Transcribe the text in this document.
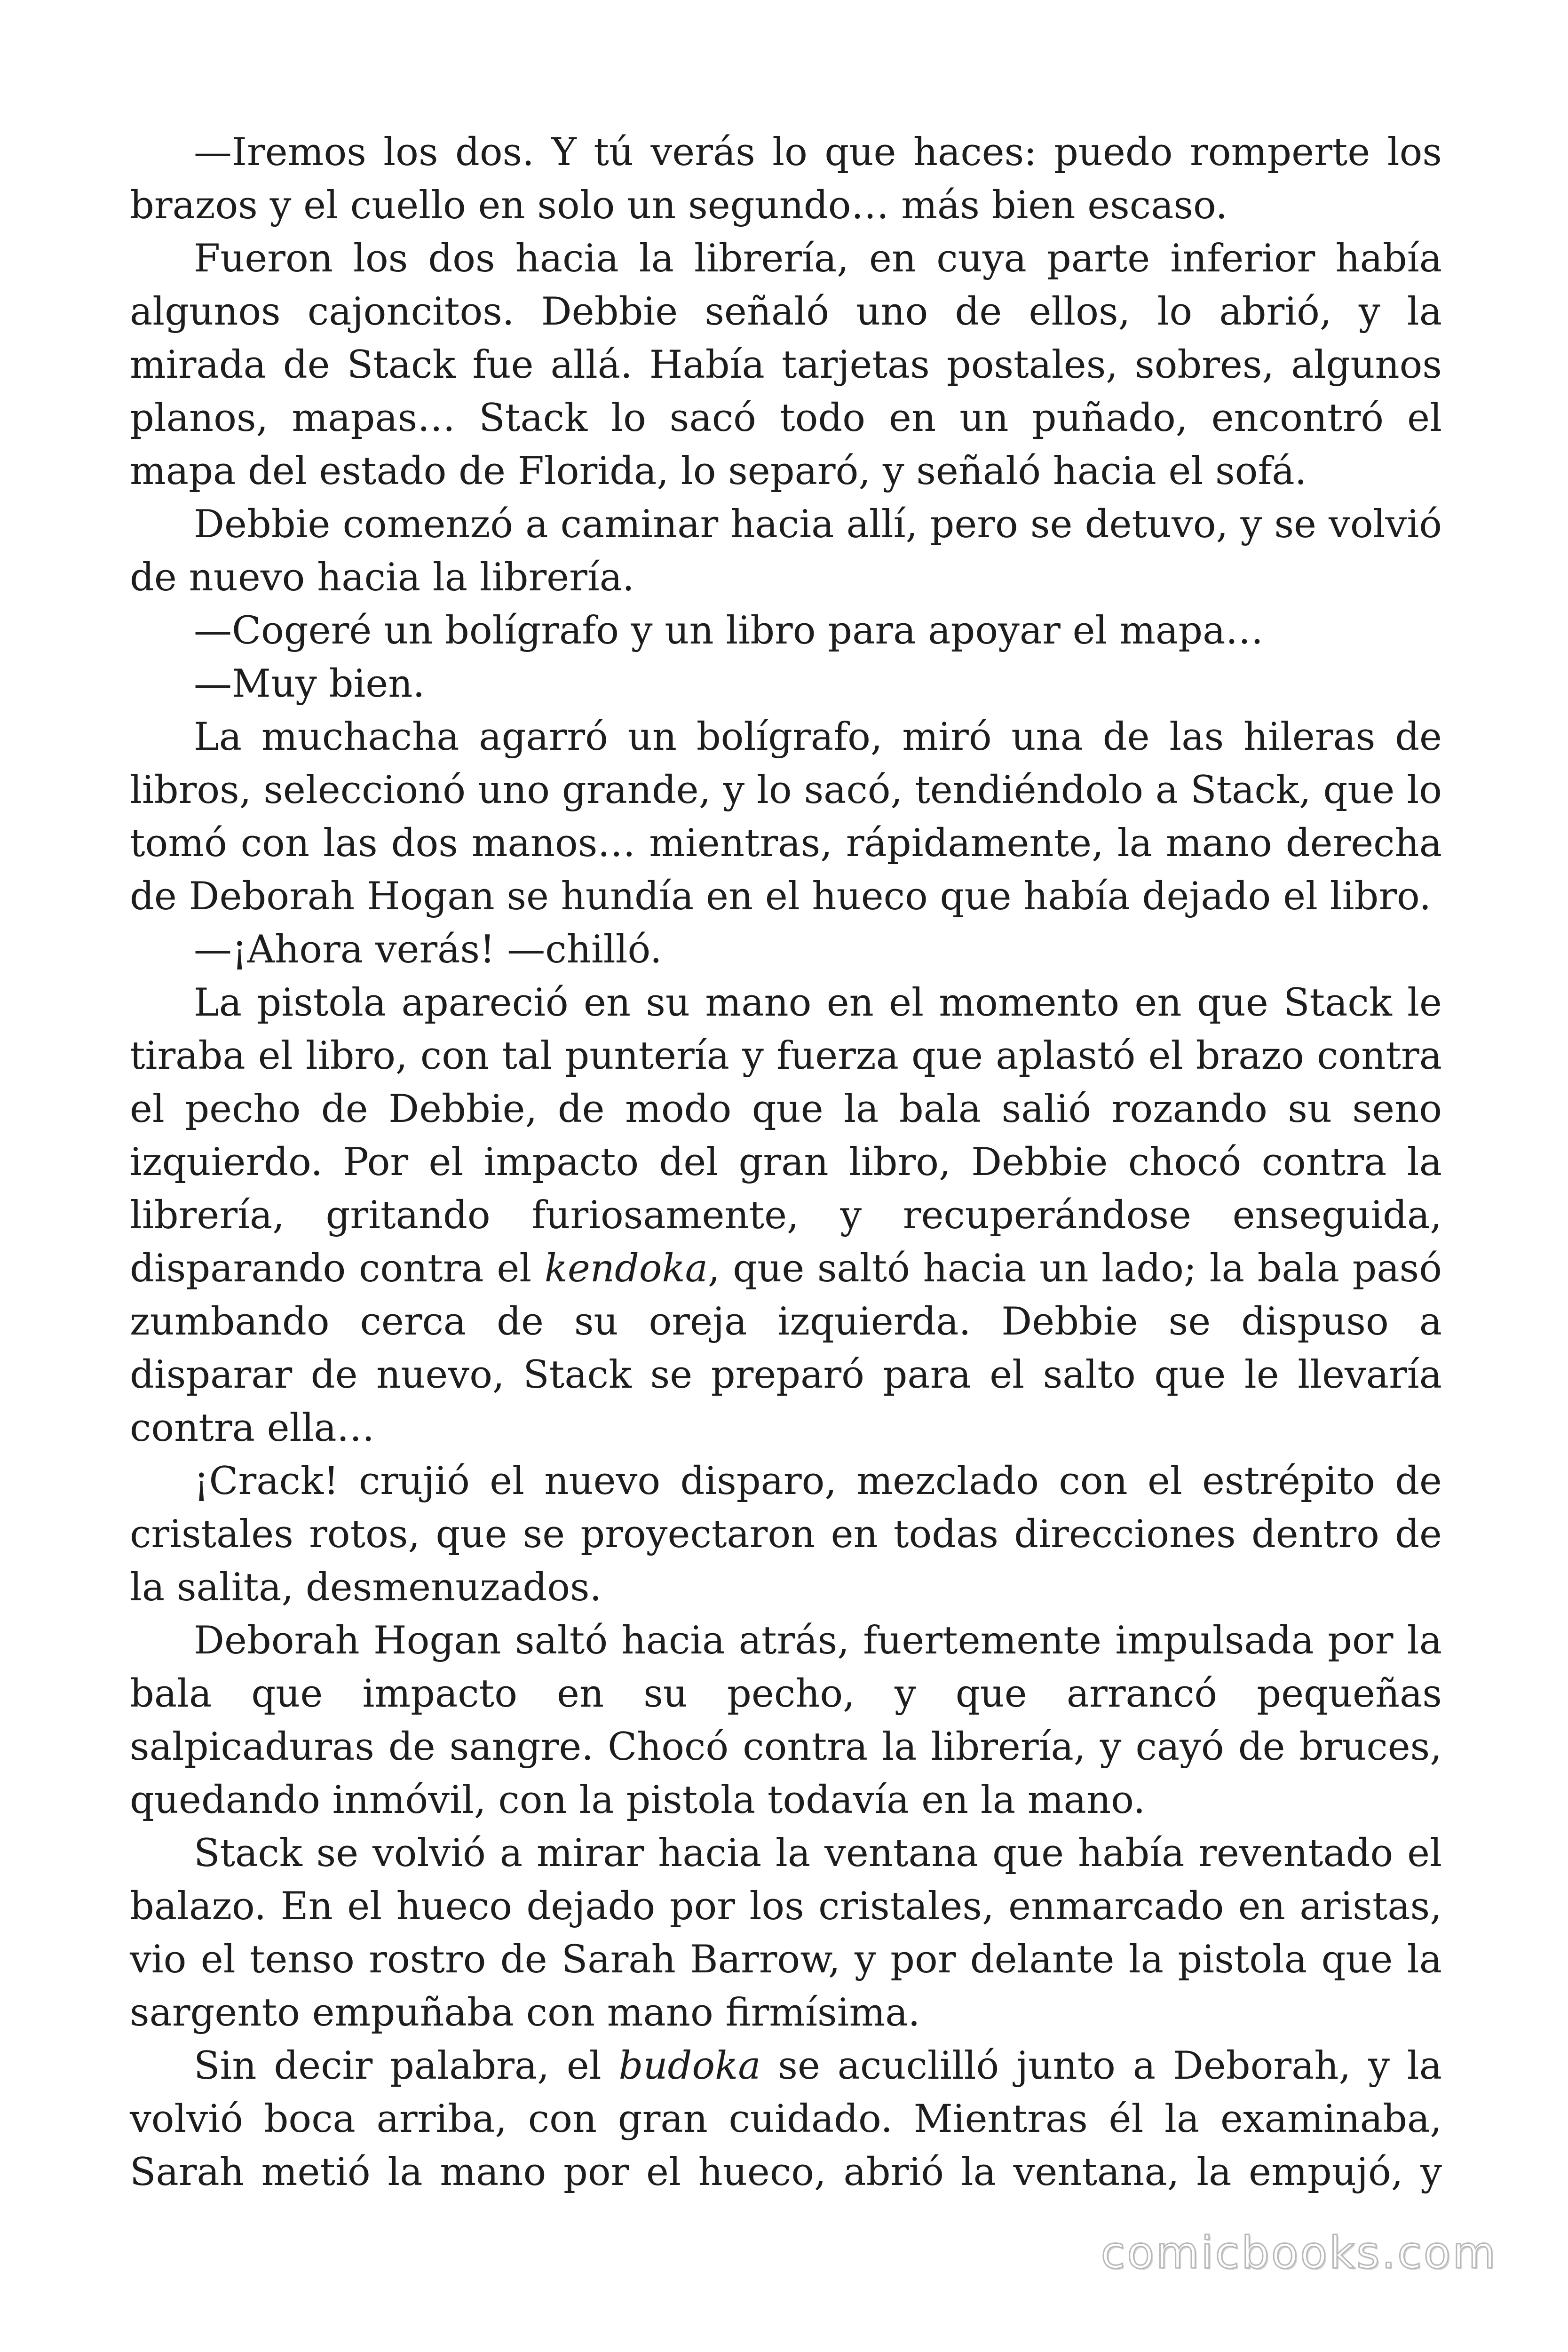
—Iremos los dos. Y tú verás lo que haces: puedo romperte los brazos y el cuello en solo un segundo… más bien escaso.

Fueron los dos hacia la librería, en cuya parte inferior había algunos cajoncitos. Debbie señaló uno de ellos, lo abrió, y la mirada de Stack fue allá. Había tarjetas postales, sobres, algunos planos, mapas… Stack lo sacó todo en un puñado, encontró el mapa del estado de Florida, lo separó, y señaló hacia el sofá.

Debbie comenzó a caminar hacia allí, pero se detuvo, y se volvió de nuevo hacia la librería.

—Cogeré un bolígrafo y un libro para apoyar el mapa…

—Muy bien.

La muchacha agarró un bolígrafo, miró una de las hileras de libros, seleccionó uno grande, y lo sacó, tendiéndolo a Stack, que lo tomó con las dos manos… mientras, rápidamente, la mano derecha de Deborah Hogan se hundía en el hueco que había dejado el libro.

—¡Ahora verás! —chilló.

La pistola apareció en su mano en el momento en que Stack le tiraba el libro, con tal puntería y fuerza que aplastó el brazo contra el pecho de Debbie, de modo que la bala salió rozando su seno izquierdo. Por el impacto del gran libro, Debbie chocó contra la librería, gritando furiosamente, y recuperándose enseguida, disparando contra el kendoka, que saltó hacia un lado; la bala pasó zumbando cerca de su oreja izquierda. Debbie se dispuso a disparar de nuevo, Stack se preparó para el salto que le llevaría contra ella…

¡Crack! crujió el nuevo disparo, mezclado con el estrépito de cristales rotos, que se proyectaron en todas direcciones dentro de la salita, desmenuzados.

Deborah Hogan saltó hacia atrás, fuertemente impulsada por la bala que impacto en su pecho, y que arrancó pequeñas salpicaduras de sangre. Chocó contra la librería, y cayó de bruces, quedando inmóvil, con la pistola todavía en la mano.

Stack se volvió a mirar hacia la ventana que había reventado el balazo. En el hueco dejado por los cristales, enmarcado en aristas, vio el tenso rostro de Sarah Barrow, y por delante la pistola que la sargento empuñaba con mano firmísima.

Sin decir palabra, el budoka se acuclilló junto a Deborah, y la volvió boca arriba, con gran cuidado. Mientras él la examinaba, Sarah metió la mano por el hueco, abrió la ventana, la empujó, y

comicbooks.com
